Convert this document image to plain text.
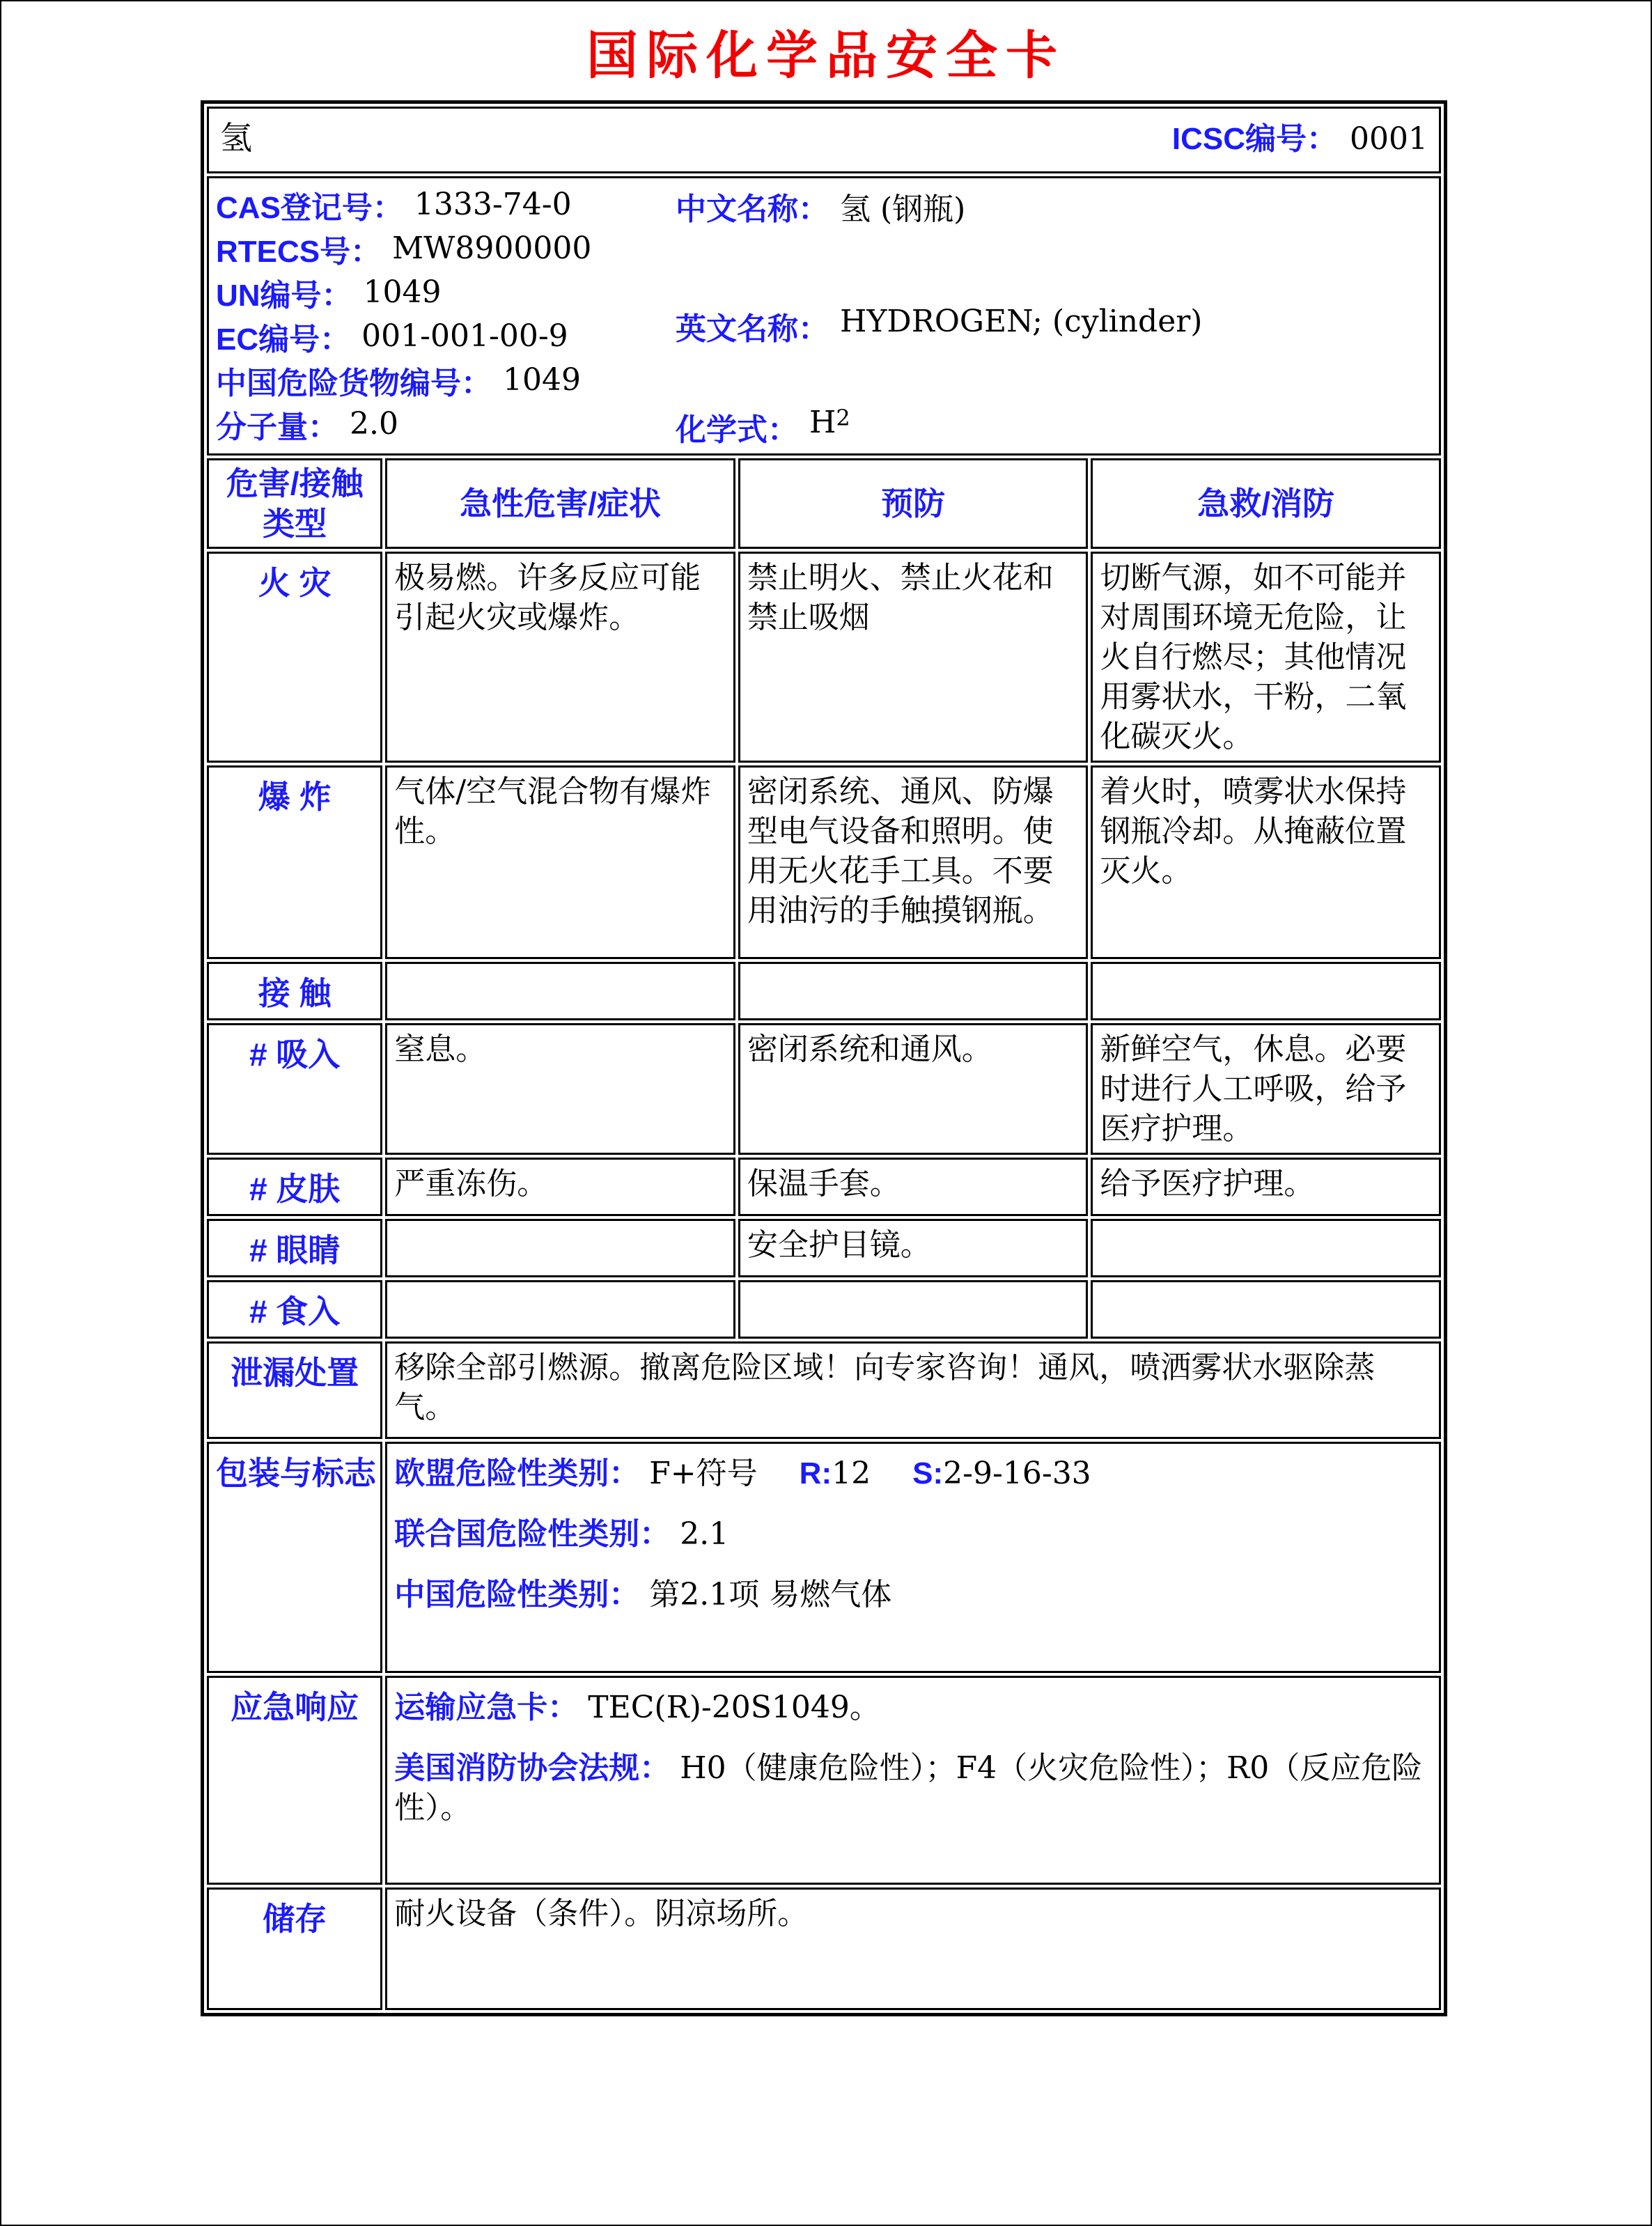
国际化学品安全卡
氢 ICSC编号： 0001			

CAS登记号： 1333-74-0
RTECS号： MW8900000
UN编号： 1049
EC编号： 001-001-00-9
中国危险货物编号： 1049
分子量： 2.0
中文名称： 氢 (钢瓶)
英文名称： HYDROGEN; (cylinder)
化学式： H 2

危害/接触类型	急性危害/症状	预防	急救/消防
火 灾	极易燃。许多反应可能引起火灾或爆炸。	禁止明火、禁止火花和禁止吸烟	切断气源，如不可能并对周围环境无危险，让火自行燃尽；其他情况用雾状水，干粉，二氧化碳灭火。
爆 炸	气体/空气混合物有爆炸性。	密闭系统、通风、防爆型电气设备和照明。使用无火花手工具。不要用油污的手触摸钢瓶。	着火时，喷雾状水保持钢瓶冷却。从掩蔽位置灭火。
接 触			
# 吸入	窒息。	密闭系统和通风。	新鲜空气，休息。必要时进行人工呼吸，给予医疗护理。
# 皮肤	严重冻伤。	保温手套。	给予医疗护理。
# 眼睛		安全护目镜。	
# 食入			
泄漏处置	移除全部引燃源。撤离危险区域！向专家咨询！通风，喷洒雾状水驱除蒸气。		
包装与标志	欧盟危险性类别： F+符号 R:12 S:2-9-16-33
联合国危险性类别： 2.1
中国危险性类别： 第2.1项 易燃气体		

应急响应	运输应急卡： TEC(R)-20S1049。
美国消防协会法规： H0（健康危险性）；F4（火灾危险性）；R0（反应危险性）。		

储存	耐火设备（条件）。阴凉场所。		
